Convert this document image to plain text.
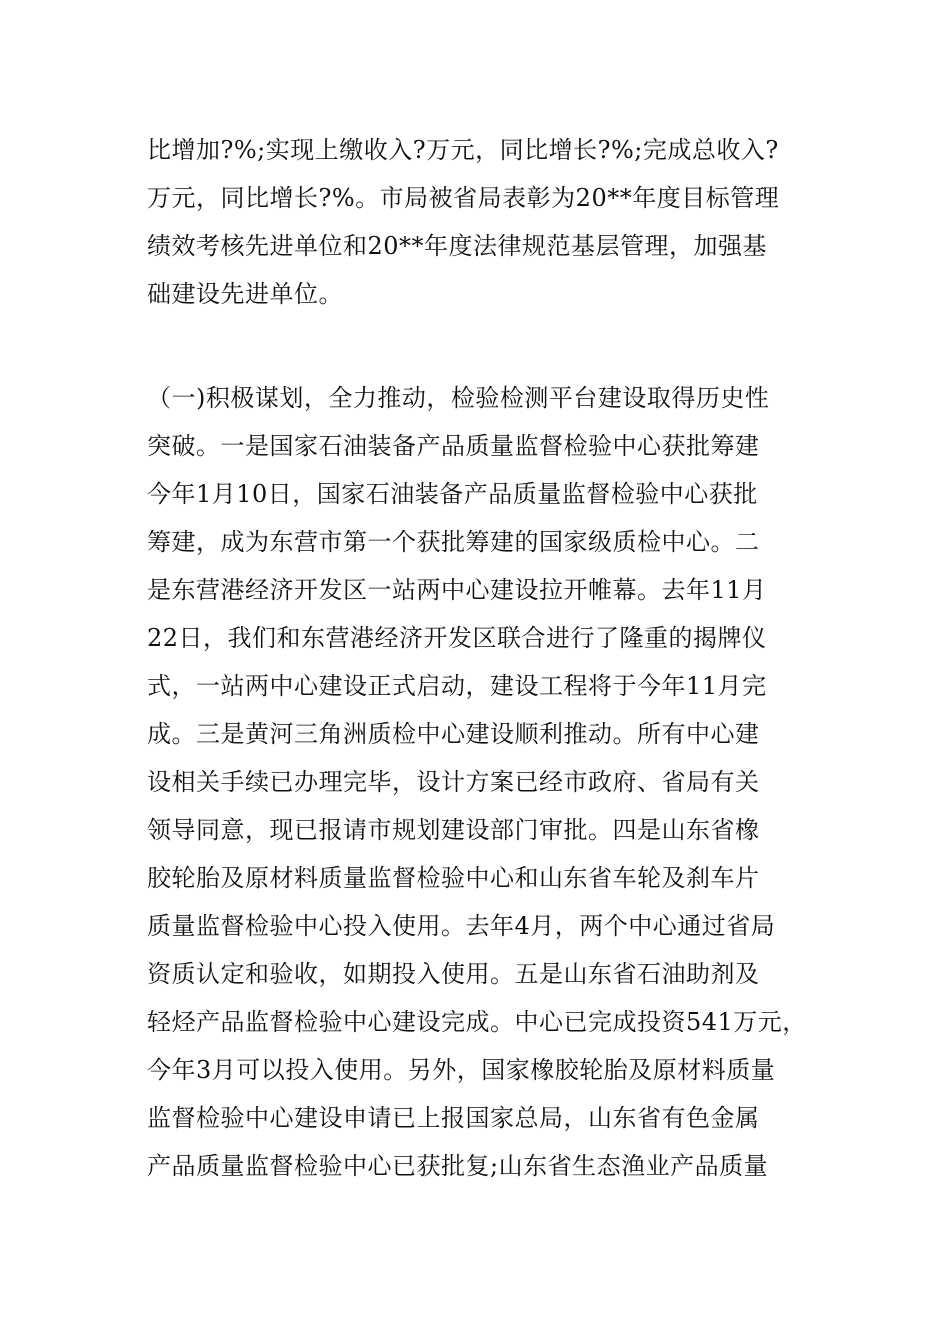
比增加?%;实现上缴收入?万元，同比增长?%;完成总收入?
万元，同比增长?%。市局被省局表彰为20**年度目标管理
绩效考核先进单位和20**年度法律规范基层管理，加强基
础建设先进单位。
（一)积极谋划，全力推动，检验检测平台建设取得历史性
突破。一是国家石油装备产品质量监督检验中心获批筹建
今年1月10日，国家石油装备产品质量监督检验中心获批
筹建，成为东营市第一个获批筹建的国家级质检中心。二
是东营港经济开发区一站两中心建设拉开帷幕。去年11月
22日，我们和东营港经济开发区联合进行了隆重的揭牌仪
式，一站两中心建设正式启动，建设工程将于今年11月完
成。三是黄河三角洲质检中心建设顺利推动。所有中心建
设相关手续已办理完毕，设计方案已经市政府、省局有关
领导同意，现已报请市规划建设部门审批。四是山东省橡
胶轮胎及原材料质量监督检验中心和山东省车轮及刹车片
质量监督检验中心投入使用。去年4月，两个中心通过省局
资质认定和验收，如期投入使用。五是山东省石油助剂及
轻烃产品监督检验中心建设完成。中心已完成投资541万元，
今年3月可以投入使用。另外，国家橡胶轮胎及原材料质量
监督检验中心建设申请已上报国家总局，山东省有色金属
产品质量监督检验中心已获批复;山东省生态渔业产品质量
